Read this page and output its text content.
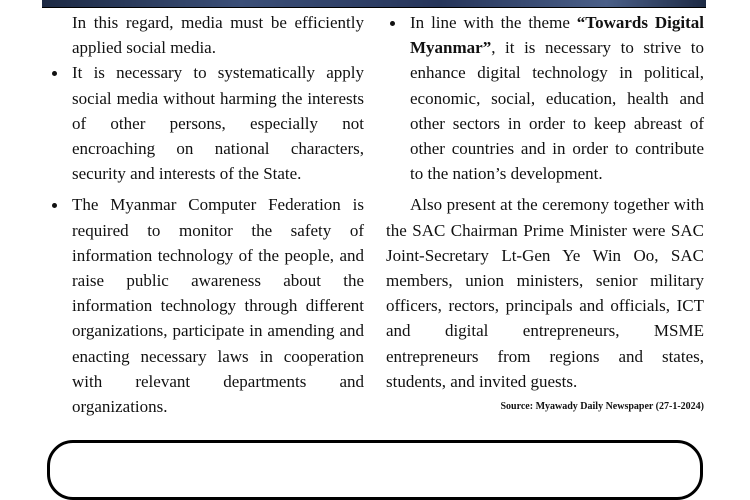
In this regard, media must be efficiently applied social media.

It is necessary to systematically apply social media without harming the interests of other persons, especially not encroaching on national characters, security and interests of the State.
The Myanmar Computer Federation is required to monitor the safety of information technology of the people, and raise public awareness about the information technology through different organizations, participate in amending and enacting necessary laws in cooperation with relevant departments and organizations.
In line with the theme “Towards Digital Myanmar”, it is necessary to strive to enhance digital technology in political, economic, social, education, health and other sectors in order to keep abreast of other countries and in order to contribute to the nation’s development.

Also present at the ceremony together with the SAC Chairman Prime Minister were SAC Joint-Secretary Lt-Gen Ye Win Oo, SAC members, union ministers, senior military officers, rectors, principals and officials, ICT and digital entrepreneurs, MSME entrepreneurs from regions and states, students, and invited guests.

Source: Myawady Daily Newspaper (27-1-2024)
